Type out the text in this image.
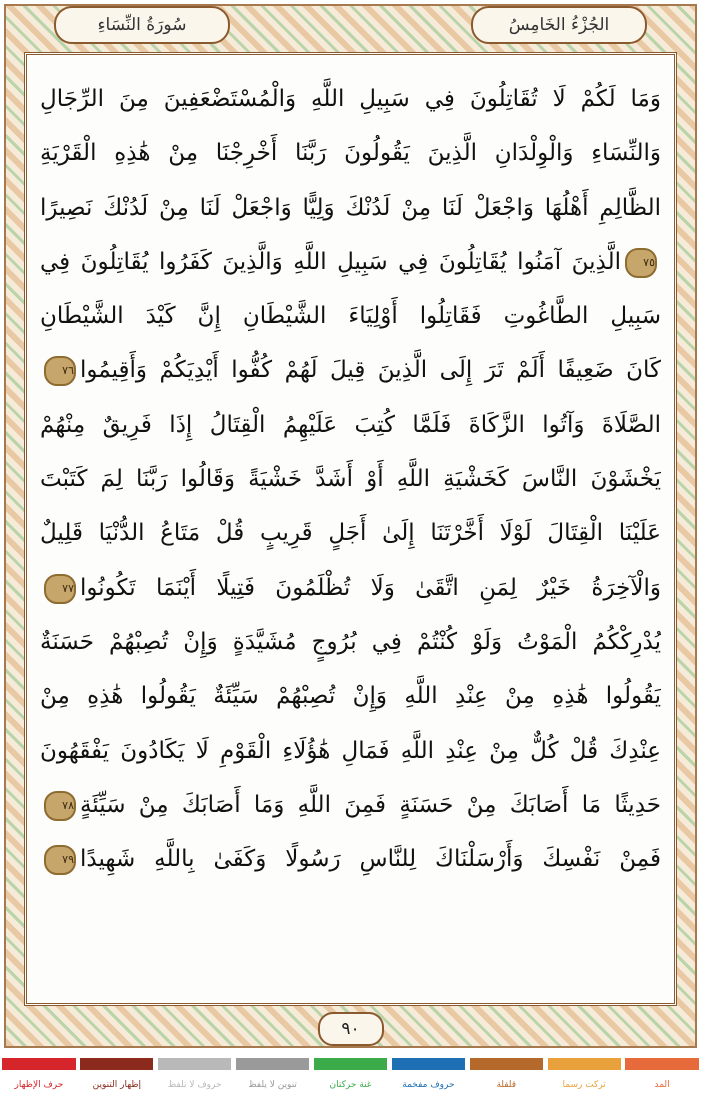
سُورَةُ النِّسَاءِ	الجُزْءُ الخَامِسُ
وَمَا لَكُمْ لَا تُقَاتِلُونَ فِي سَبِيلِ اللَّهِ وَالْمُسْتَضْعَفِينَ مِنَ الرِّجَالِ
وَالنِّسَاءِ وَالْوِلْدَانِ الَّذِينَ يَقُولُونَ رَبَّنَا أَخْرِجْنَا مِنْ هَٰذِهِ الْقَرْيَةِ
الظَّالِمِ أَهْلُهَا وَاجْعَلْ لَنَا مِنْ لَدُنْكَ وَلِيًّا وَاجْعَلْ لَنَا مِنْ لَدُنْكَ نَصِيرًا
٧٥الَّذِينَ آمَنُوا يُقَاتِلُونَ فِي سَبِيلِ اللَّهِ وَالَّذِينَ كَفَرُوا يُقَاتِلُونَ فِي
سَبِيلِ الطَّاغُوتِ فَقَاتِلُوا أَوْلِيَاءَ الشَّيْطَانِ إِنَّ كَيْدَ الشَّيْطَانِ
كَانَ ضَعِيفًا أَلَمْ تَرَ إِلَى الَّذِينَ قِيلَ لَهُمْ كُفُّوا أَيْدِيَكُمْ وَأَقِيمُوا٧٦
الصَّلَاةَ وَآتُوا الزَّكَاةَ فَلَمَّا كُتِبَ عَلَيْهِمُ الْقِتَالُ إِذَا فَرِيقٌ مِنْهُمْ
يَخْشَوْنَ النَّاسَ كَخَشْيَةِ اللَّهِ أَوْ أَشَدَّ خَشْيَةً وَقَالُوا رَبَّنَا لِمَ كَتَبْتَ
عَلَيْنَا الْقِتَالَ لَوْلَا أَخَّرْتَنَا إِلَىٰ أَجَلٍ قَرِيبٍ قُلْ مَتَاعُ الدُّنْيَا قَلِيلٌ
وَالْآخِرَةُ خَيْرٌ لِمَنِ اتَّقَىٰ وَلَا تُظْلَمُونَ فَتِيلًا أَيْنَمَا تَكُونُوا٧٧
يُدْرِكْكُمُ الْمَوْتُ وَلَوْ كُنْتُمْ فِي بُرُوجٍ مُشَيَّدَةٍ وَإِنْ تُصِبْهُمْ حَسَنَةٌ
يَقُولُوا هَٰذِهِ مِنْ عِنْدِ اللَّهِ وَإِنْ تُصِبْهُمْ سَيِّئَةٌ يَقُولُوا هَٰذِهِ مِنْ
عِنْدِكَ قُلْ كُلٌّ مِنْ عِنْدِ اللَّهِ فَمَالِ هَٰؤُلَاءِ الْقَوْمِ لَا يَكَادُونَ يَفْقَهُونَ
حَدِيثًا مَا أَصَابَكَ مِنْ حَسَنَةٍ فَمِنَ اللَّهِ وَمَا أَصَابَكَ مِنْ سَيِّئَةٍ٧٨
فَمِنْ نَفْسِكَ وَأَرْسَلْنَاكَ لِلنَّاسِ رَسُولًا وَكَفَىٰ بِاللَّهِ شَهِيدًا٧٩
٩٠
المد
تركت رسما
قلقلة
حروف مفخمة
غنة حركتان
تنوين لا يلفظ
حروف لا تلفظ
إظهار التنوين
حرف الإظهار
